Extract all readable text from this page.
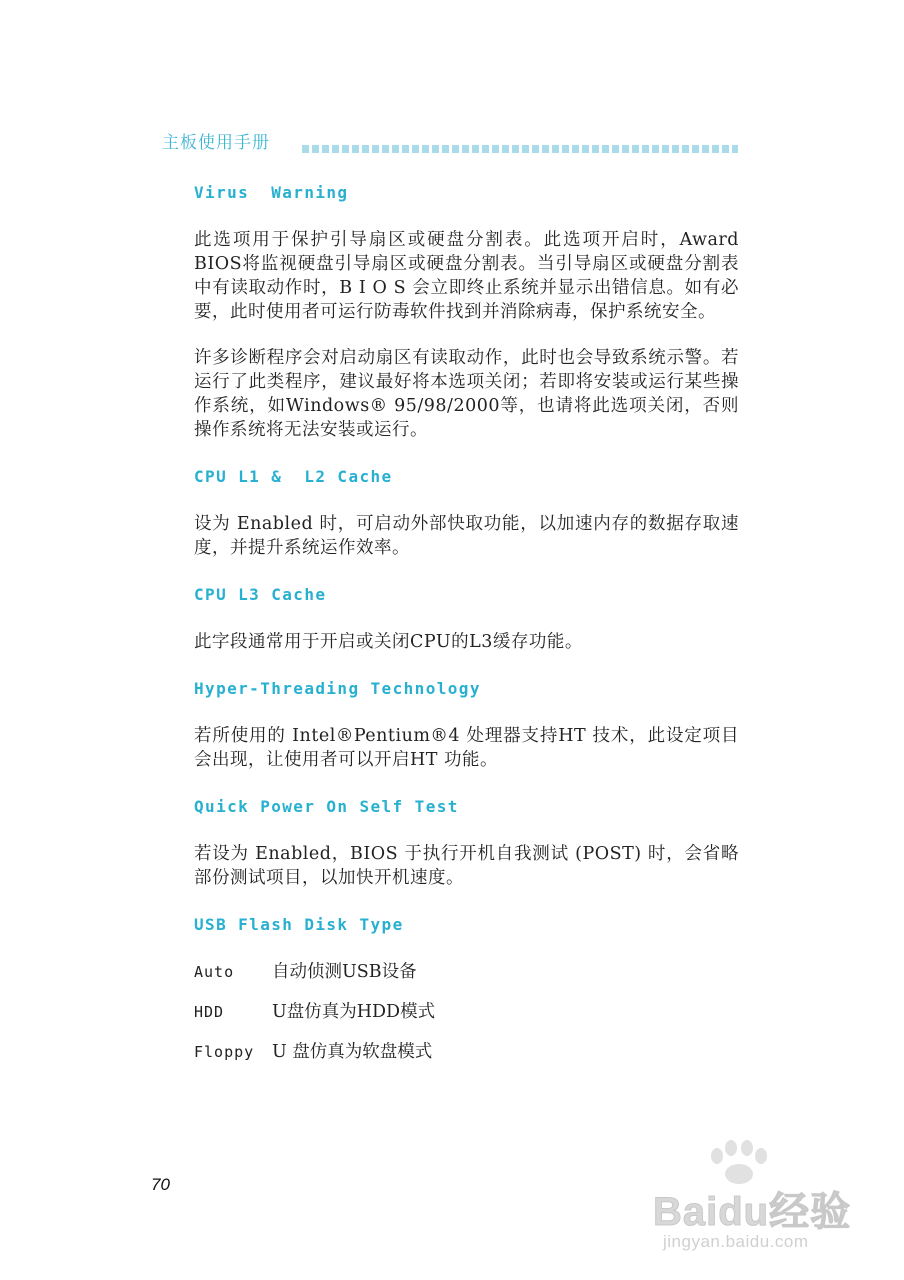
主板使用手册
Virus  Warning

此选项用于保护引导扇区或硬盘分割表。此选项开启时，Award BIOS将监视硬盘引导扇区或硬盘分割表。当引导扇区或硬盘分割表中有读取动作时，B I O S 会立即终止系统并显示出错信息。如有必要，此时使用者可运行防毒软件找到并消除病毒，保护系统安全。

许多诊断程序会对启动扇区有读取动作，此时也会导致系统示警。若运行了此类程序，建议最好将本选项关闭；若即将安装或运行某些操作系统，如Windows® 95/98/2000等，也请将此选项关闭，否则操作系统将无法安装或运行。

CPU L1 &  L2 Cache

设为 Enabled 时，可启动外部快取功能，以加速内存的数据存取速度，并提升系统运作效率。

CPU L3 Cache

此字段通常用于开启或关闭CPU的L3缓存功能。

Hyper-Threading Technology

若所使用的 Intel®Pentium®4 处理器支持HT 技术，此设定项目会出现，让使用者可以开启HT 功能。

Quick Power On Self Test

若设为 Enabled，BIOS 于执行开机自我测试 (POST) 时，会省略部份测试项目，以加快开机速度。

USB Flash Disk Type
Auto	自动侦测USB设备
HDD	U盘仿真为HDD模式
Floppy	U 盘仿真为软盘模式
70
Baidu经验
jingyan.baidu.com
